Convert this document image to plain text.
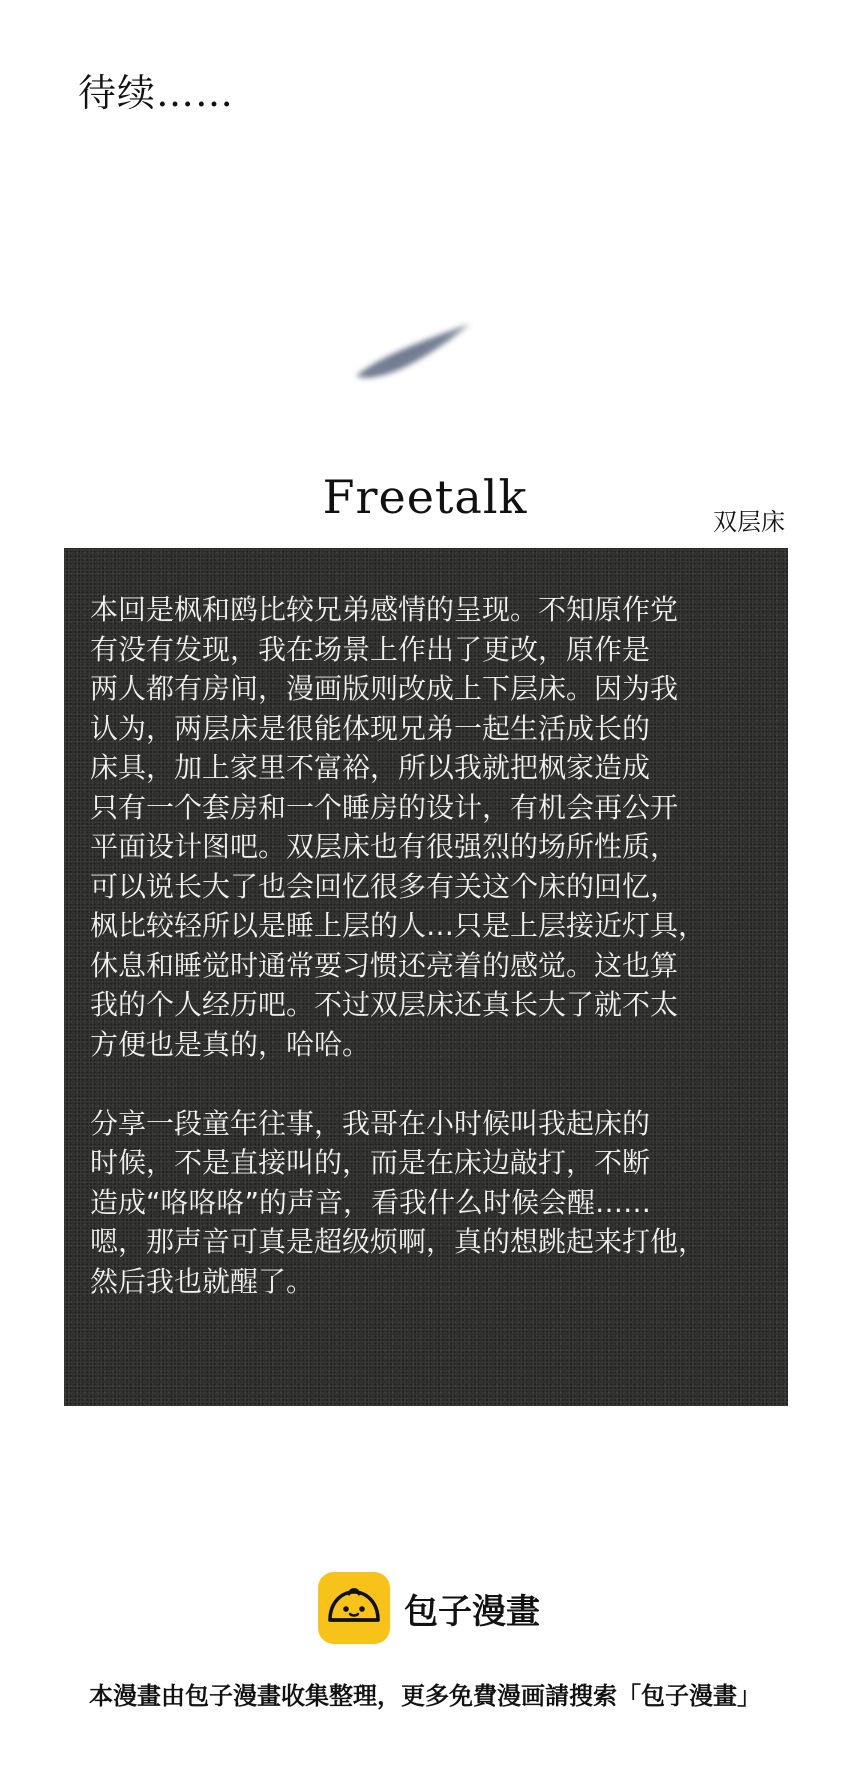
待续……
Freetalk	双层床

本回是枫和鸥比较兄弟感情的呈现。不知原作党
有没有发现，我在场景上作出了更改，原作是
两人都有房间，漫画版则改成上下层床。因为我
认为，两层床是很能体现兄弟一起生活成长的
床具，加上家里不富裕，所以我就把枫家造成
只有一个套房和一个睡房的设计，有机会再公开
平面设计图吧。双层床也有很强烈的场所性质，
可以说长大了也会回忆很多有关这个床的回忆，
枫比较轻所以是睡上层的人…只是上层接近灯具，
休息和睡觉时通常要习惯还亮着的感觉。这也算
我的个人经历吧。不过双层床还真长大了就不太
方便也是真的，哈哈。

分享一段童年往事，我哥在小时候叫我起床的
时候，不是直接叫的，而是在床边敲打，不断
造成“咯咯咯”的声音，看我什么时候会醒……
嗯，那声音可真是超级烦啊，真的想跳起来打他，
然后我也就醒了。

包子漫畫
本漫畫由包子漫畫收集整理，更多免費漫画請搜索「包子漫畫」
